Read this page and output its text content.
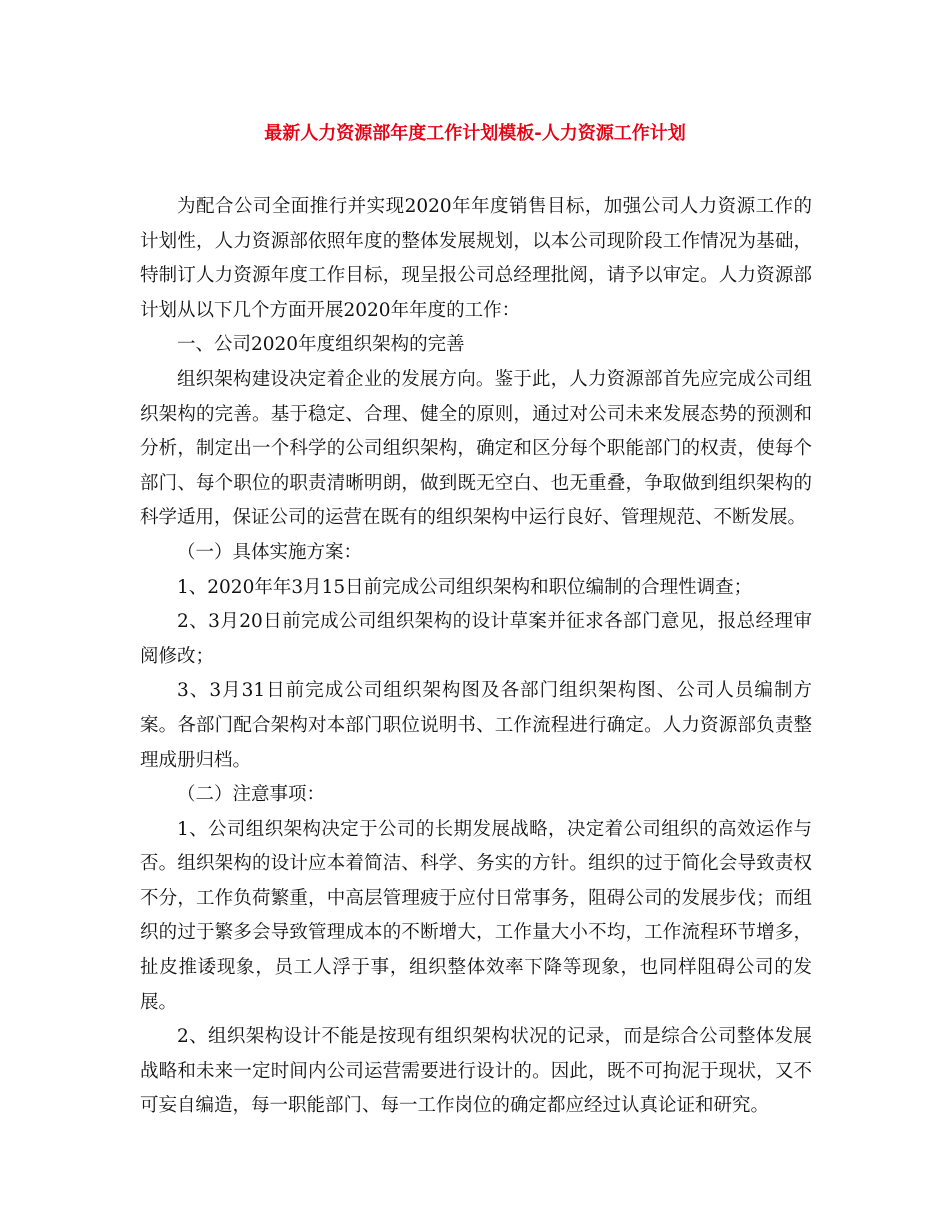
最新人力资源部年度工作计划模板-人力资源工作计划

为配合公司全面推行并实现2020年年度销售目标，加强公司人力资源工作的计划性，人力资源部依照年度的整体发展规划，以本公司现阶段工作情况为基础，特制订人力资源年度工作目标，现呈报公司总经理批阅，请予以审定。人力资源部计划从以下几个方面开展2020年年度的工作：

一、公司2020年度组织架构的完善

组织架构建设决定着企业的发展方向。鉴于此，人力资源部首先应完成公司组织架构的完善。基于稳定、合理、健全的原则，通过对公司未来发展态势的预测和分析，制定出一个科学的公司组织架构，确定和区分每个职能部门的权责，使每个部门、每个职位的职责清晰明朗，做到既无空白、也无重叠，争取做到组织架构的科学适用，保证公司的运营在既有的组织架构中运行良好、管理规范、不断发展。

（一）具体实施方案：

1、2020年年3月15日前完成公司组织架构和职位编制的合理性调查；

2、3月20日前完成公司组织架构的设计草案并征求各部门意见，报总经理审阅修改；

3、3月31日前完成公司组织架构图及各部门组织架构图、公司人员编制方案。各部门配合架构对本部门职位说明书、工作流程进行确定。人力资源部负责整理成册归档。

（二）注意事项：

1、公司组织架构决定于公司的长期发展战略，决定着公司组织的高效运作与否。组织架构的设计应本着简洁、科学、务实的方针。组织的过于简化会导致责权不分，工作负荷繁重，中高层管理疲于应付日常事务，阻碍公司的发展步伐；而组织的过于繁多会导致管理成本的不断增大，工作量大小不均，工作流程环节增多，扯皮推诿现象，员工人浮于事，组织整体效率下降等现象，也同样阻碍公司的发展。

2、组织架构设计不能是按现有组织架构状况的记录，而是综合公司整体发展战略和未来一定时间内公司运营需要进行设计的。因此，既不可拘泥于现状，又不可妄自编造，每一职能部门、每一工作岗位的确定都应经过认真论证和研究。
